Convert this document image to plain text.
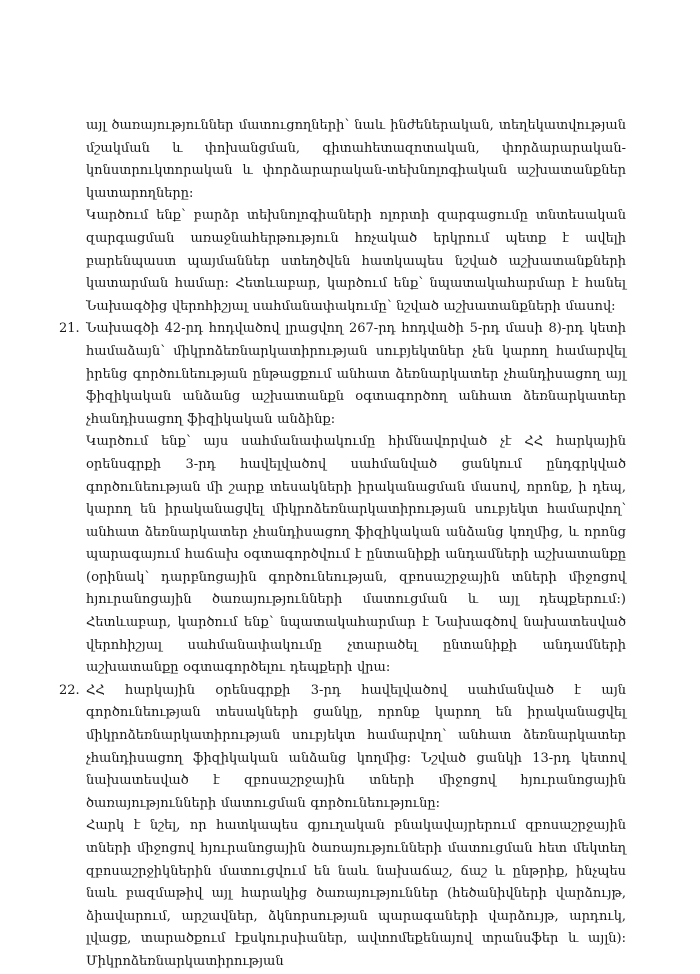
այլ ծառայություններ մատուցողների՝ նաև ինժեներական, տեղեկատվության մշակման և փոխանցման, գիտահետազոտական, փորձարարական-կոնստրուկտորական և փորձարարական-տեխնոլոգիական աշխատանքներ կատարողները:

Կարծում ենք՝ բարձր տեխնոլոգիաների ոլորտի զարգացումը տնտեսական զարգացման առաջնահերթություն հռչակած երկրում պետք է ավելի բարենպաստ պայմաններ ստեղծվեն հատկապես նշված աշխատանքների կատարման համար: Հետևաբար, կարծում ենք՝ նպատակահարմար է հանել Նախագծից վերոհիշյալ սահմանափակումը՝ նշված աշխատանքների մասով:

21. Նախագծի 42-րդ հոդվածով լրացվող 267-րդ հոդվածի 5-րդ մասի 8)-րդ կետի համաձայն՝ միկրոձեռնարկատիրության սուբյեկտներ չեն կարող համարվել իրենց գործունեության ընթացքում անհատ ձեռնարկատեր չհանդիսացող այլ ֆիզիկական անձանց աշխատանքն օգտագործող անհատ ձեռնարկատեր չհանդիսացող ֆիզիկական անձինք:

Կարծում ենք՝ այս սահմանափակումը հիմնավորված չէ ՀՀ հարկային օրենսգրքի 3-րդ հավելվածով սահմանված ցանկում ընդգրկված գործունեության մի շարք տեսակների իրականացման մասով, որոնք, ի դեպ, կարող են իրականացվել միկրոձեռնարկատիրության սուբյեկտ համարվող՝ անհատ ձեռնարկատեր չհանդիսացող ֆիզիկական անձանց կողմից, և որոնց պարագայում հաճախ օգտագործվում է ընտանիքի անդամների աշխատանքը (օրինակ՝ դարբնոցային գործունեության, զբոսաշրջային տների միջոցով հյուրանոցային ծառայությունների մատուցման և այլ դեպքերում:) Հետևաբար, կարծում ենք՝ նպատակահարմար է Նախագծով նախատեսված վերոհիշյալ սահմանափակումը չտարածել ընտանիքի անդամների աշխատանքը օգտագործելու դեպքերի վրա:

22. ՀՀ հարկային օրենսգրքի 3-րդ հավելվածով սահմանված է այն գործունեության տեսակների ցանկը, որոնք կարող են իրականացվել միկրոձեռնարկատիրության սուբյեկտ համարվող՝ անհատ ձեռնարկատեր չհանդիսացող ֆիզիկական անձանց կողմից: Նշված ցանկի 13-րդ կետով նախատեսված է զբոսաշրջային տների միջոցով հյուրանոցային ծառայությունների մատուցման գործունեությունը:

Հարկ է նշել, որ հատկապես գյուղական բնակավայրերում զբոսաշրջային տների միջոցով հյուրանոցային ծառայությունների մատուցման հետ մեկտեղ զբոսաշրջիկներին մատուցվում են նաև նախաճաշ, ճաշ և ընթրիք, ինչպես նաև բազմաթիվ այլ հարակից ծառայություններ (հեծանիվների վարձույթ, ձիավարում, արշավներ, ձկնորսության պարագաների վարձույթ, արդուկ, լվացք, տարածքում էքսկուրսիաներ, ավտոմեքենայով տրանսֆեր և այլն): Միկրոձեռնարկատիրության
